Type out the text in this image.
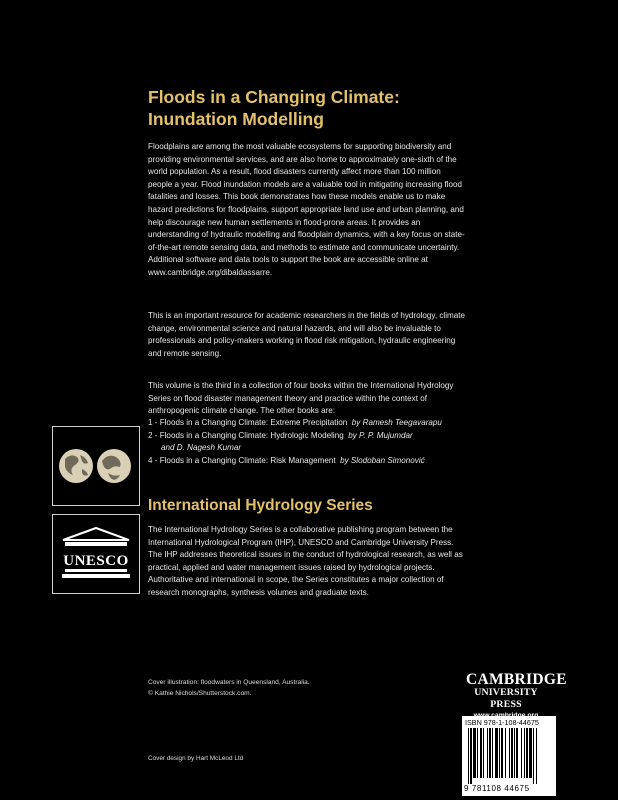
Floods in a Changing Climate:
Inundation Modelling

Floodplains are among the most valuable ecosystems for supporting biodiversity and providing environmental services, and are also home to approximately one-sixth of the world population. As a result, flood disasters currently affect more than 100 million people a year. Flood inundation models are a valuable tool in mitigating increasing flood fatalities and losses. This book demonstrates how these models enable us to make hazard predictions for floodplains, support appropriate land use and urban planning, and help discourage new human settlements in flood-prone areas. It provides an understanding of hydraulic modelling and floodplain dynamics, with a key focus on state-of-the-art remote sensing data, and methods to estimate and communicate uncertainty. Additional software and data tools to support the book are accessible online at www.cambridge.org/dibaldassarre.

This is an important resource for academic researchers in the fields of hydrology, climate change, environmental science and natural hazards, and will also be invaluable to professionals and policy-makers working in flood risk mitigation, hydraulic engineering and remote sensing.

This volume is the third in a collection of four books within the International Hydrology Series on flood disaster management theory and practice within the context of anthropogenic climate change. The other books are:

1 - Floods in a Changing Climate: Extreme Precipitation by Ramesh Teegavarapu
2 - Floods in a Changing Climate: Hydrologic Modeling by P. P. Mujumdar
and D. Nagesh Kumar
4 - Floods in a Changing Climate: Risk Management by Slodoban Simonović
UNESCO
International Hydrology Series

The International Hydrology Series is a collaborative publishing program between the International Hydrological Program (IHP), UNESCO and Cambridge University Press. The IHP addresses theoretical issues in the conduct of hydrological research, as well as practical, applied and water management issues raised by hydrological projects. Authoritative and international in scope, the Series constitutes a major collection of research monographs, synthesis volumes and graduate texts.

Cover illustration: floodwaters in Queensland, Australia.
© Kathie Nichols/Shutterstock.com.
Cover design by Hart McLeod Ltd
CAMBRIDGE
UNIVERSITY PRESS
ISBN 978-1-108-44675
9 781108 44675
